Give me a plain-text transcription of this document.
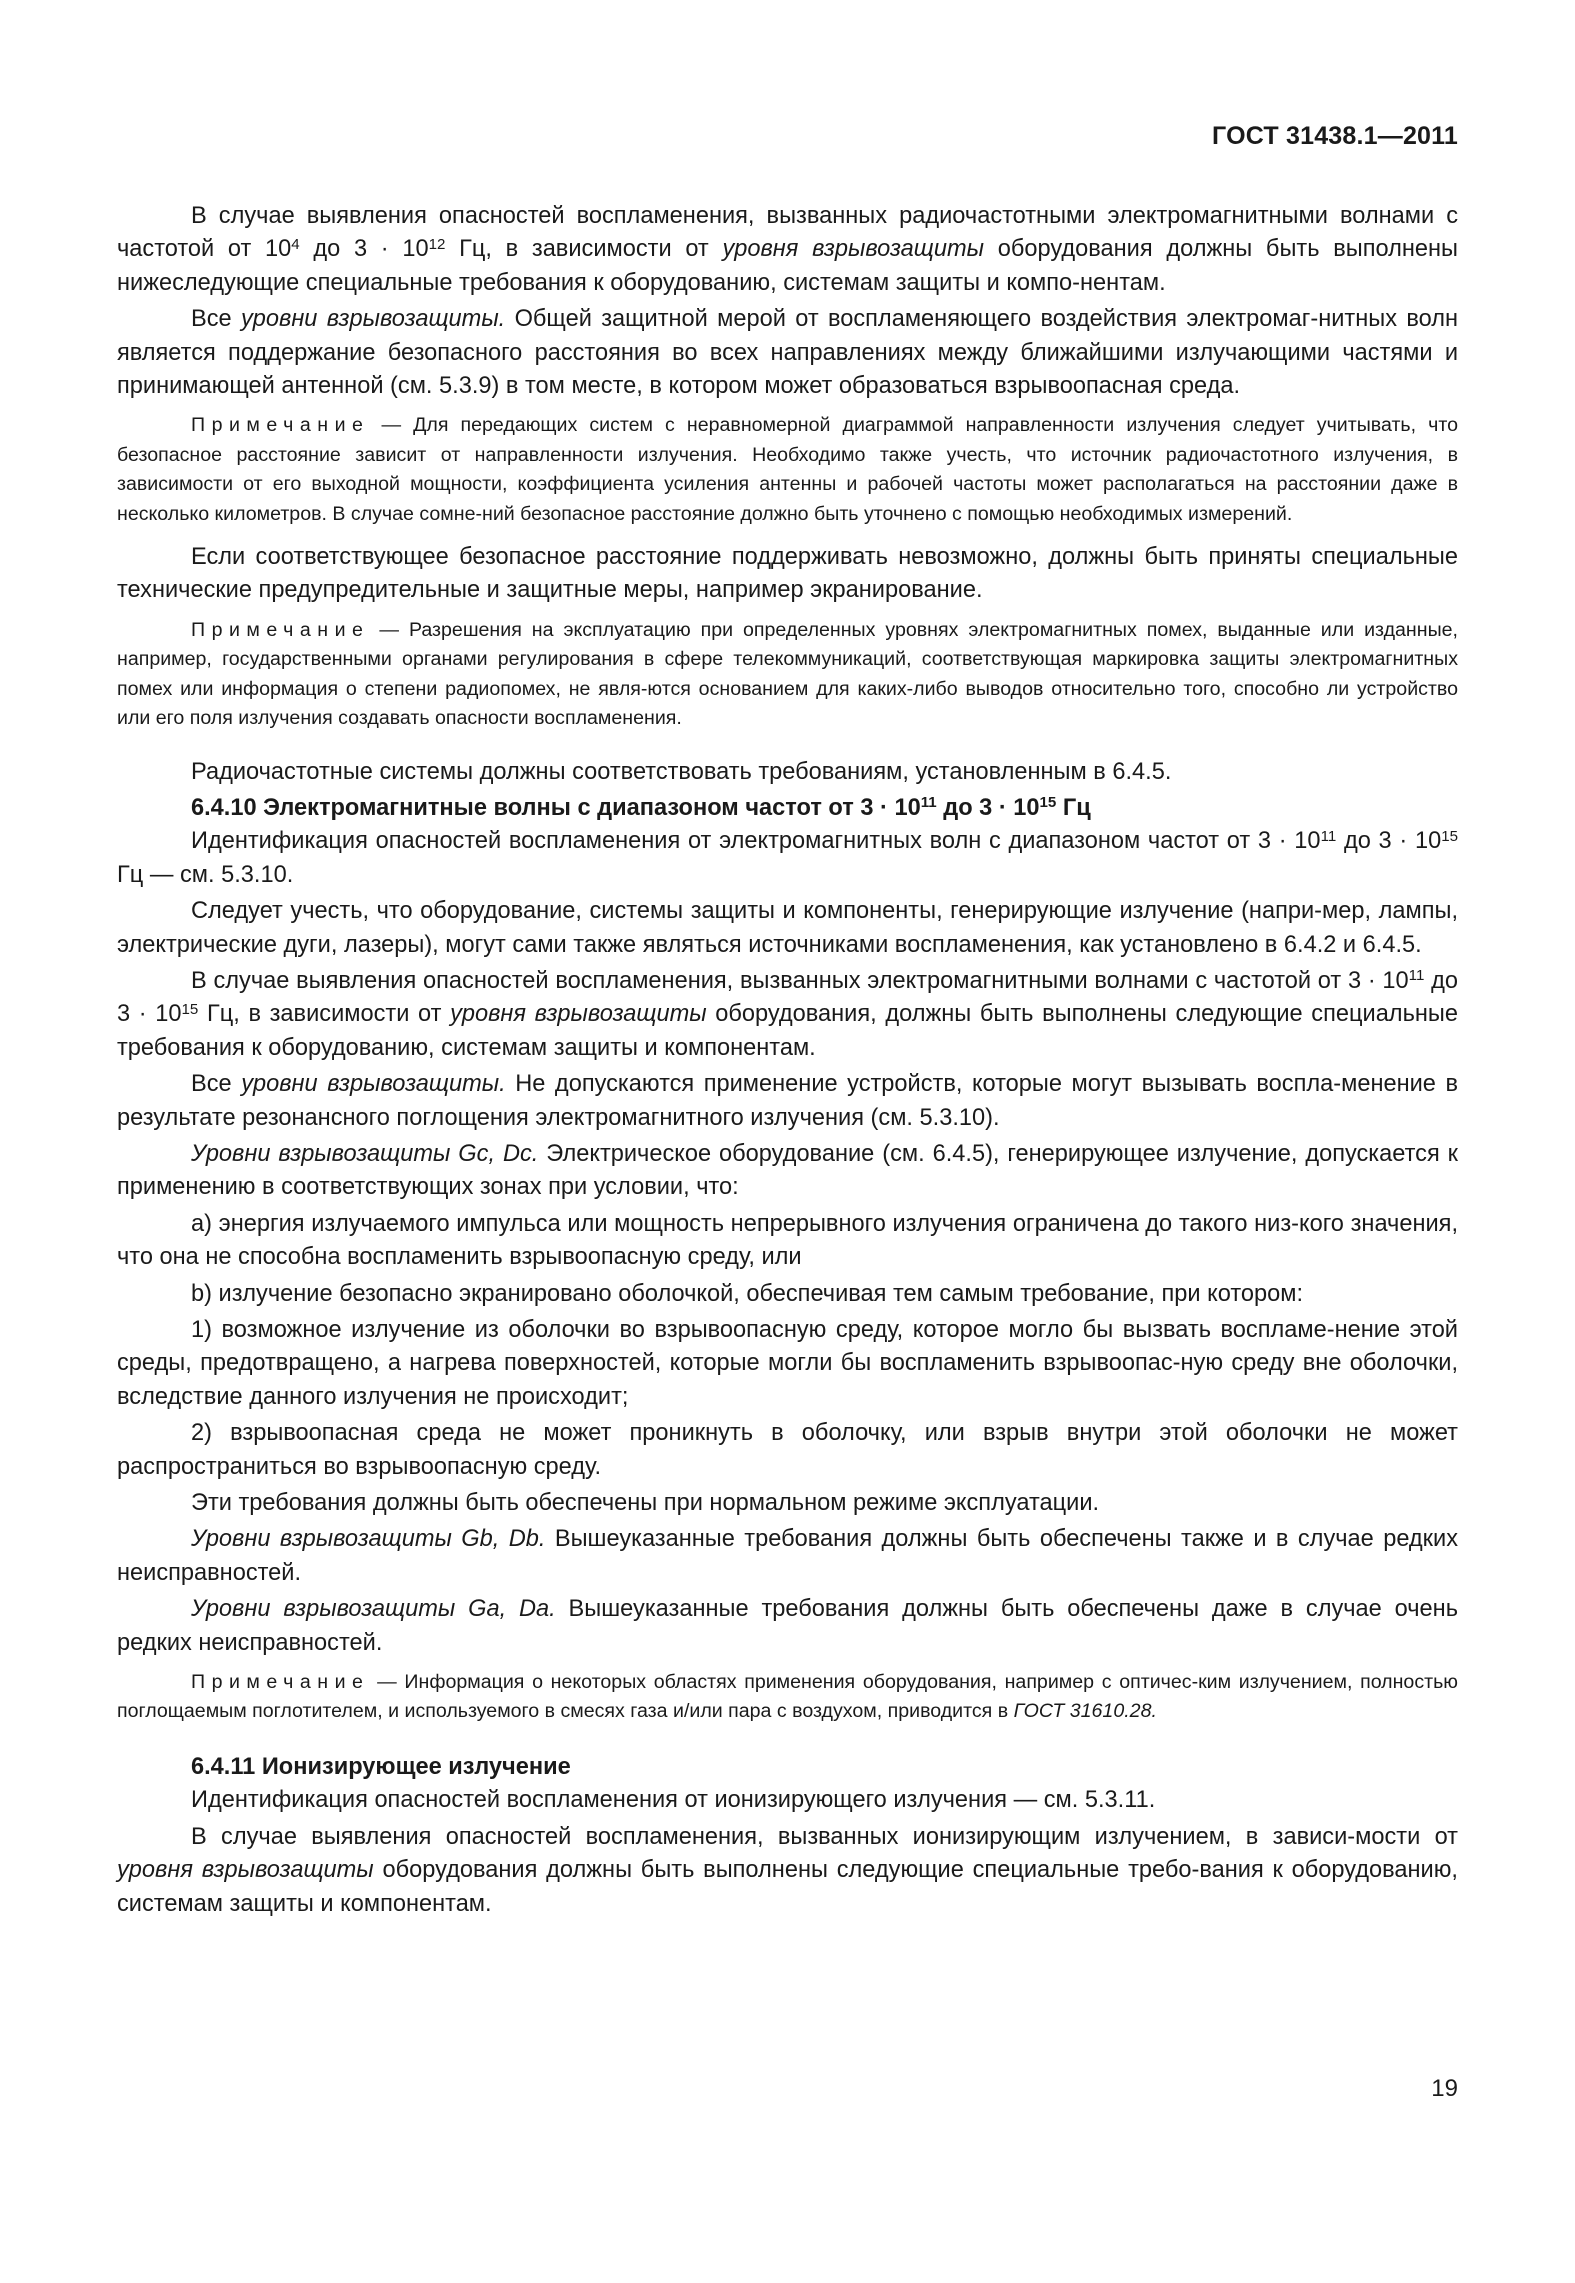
ГОСТ 31438.1—2011

В случае выявления опасностей воспламенения, вызванных радиочастотными электромагнитными волнами с частотой от $10^4$ до $3 \cdot 10^{12}$ Гц, в зависимости от уровня взрывозащиты оборудования должны быть выполнены нижеследующие специальные требования к оборудованию, системам защиты и компо-нентам.

Все уровни взрывозащиты. Общей защитной мерой от воспламеняющего воздействия электромаг-нитных волн является поддержание безопасного расстояния во всех направлениях между ближайшими излучающими частями и принимающей антенной (см. 5.3.9) в том месте, в котором может образоваться взрывоопасная среда.

Примечание — Для передающих систем с неравномерной диаграммой направленности излучения следует учитывать, что безопасное расстояние зависит от направленности излучения. Необходимо также учесть, что источник радиочастотного излучения, в зависимости от его выходной мощности, коэффициента усиления антенны и рабочей частоты может располагаться на расстоянии даже в несколько километров. В случае сомне-ний безопасное расстояние должно быть уточнено с помощью необходимых измерений.

Если соответствующее безопасное расстояние поддерживать невозможно, должны быть приняты специальные технические предупредительные и защитные меры, например экранирование.

Примечание — Разрешения на эксплуатацию при определенных уровнях электромагнитных помех, выданные или изданные, например, государственными органами регулирования в сфере телекоммуникаций, соответствующая маркировка защиты электромагнитных помех или информация о степени радиопомех, не явля-ются основанием для каких-либо выводов относительно того, способно ли устройство или его поля излучения создавать опасности воспламенения.

Радиочастотные системы должны соответствовать требованиям, установленным в 6.4.5.

6.4.10 Электромагнитные волны с диапазоном частот от $3 \cdot 10^{11}$ до $3 \cdot 10^{15}$ Гц

Идентификация опасностей воспламенения от электромагнитных волн с диапазоном частот от $3 \cdot 10^{11}$ до $3 \cdot 10^{15}$ Гц — см. 5.3.10.

Следует учесть, что оборудование, системы защиты и компоненты, генерирующие излучение (напри-мер, лампы, электрические дуги, лазеры), могут сами также являться источниками воспламенения, как установлено в 6.4.2 и 6.4.5.

В случае выявления опасностей воспламенения, вызванных электромагнитными волнами с частотой от $3 \cdot 10^{11}$ до $3 \cdot 10^{15}$ Гц, в зависимости от уровня взрывозащиты оборудования, должны быть выполнены следующие специальные требования к оборудованию, системам защиты и компонентам.

Все уровни взрывозащиты. Не допускаются применение устройств, которые могут вызывать воспла-менение в результате резонансного поглощения электромагнитного излучения (см. 5.3.10).

Уровни взрывозащиты Gc, Dc. Электрическое оборудование (см. 6.4.5), генерирующее излучение, допускается к применению в соответствующих зонах при условии, что:

a) энергия излучаемого импульса или мощность непрерывного излучения ограничена до такого низ-кого значения, что она не способна воспламенить взрывоопасную среду, или

b) излучение безопасно экранировано оболочкой, обеспечивая тем самым требование, при котором:

1) возможное излучение из оболочки во взрывоопасную среду, которое могло бы вызвать воспламе-нение этой среды, предотвращено, а нагрева поверхностей, которые могли бы воспламенить взрывоопас-ную среду вне оболочки, вследствие данного излучения не происходит;

2) взрывоопасная среда не может проникнуть в оболочку, или взрыв внутри этой оболочки не может распространиться во взрывоопасную среду.

Эти требования должны быть обеспечены при нормальном режиме эксплуатации.

Уровни взрывозащиты Gb, Db. Вышеуказанные требования должны быть обеспечены также и в случае редких неисправностей.

Уровни взрывозащиты Ga, Da. Вышеуказанные требования должны быть обеспечены даже в случае очень редких неисправностей.

Примечание — Информация о некоторых областях применения оборудования, например с оптичес-ким излучением, полностью поглощаемым поглотителем, и используемого в смесях газа и/или пара с воздухом, приводится в ГОСТ 31610.28.

6.4.11 Ионизирующее излучение

Идентификация опасностей воспламенения от ионизирующего излучения — см. 5.3.11.

В случае выявления опасностей воспламенения, вызванных ионизирующим излучением, в зависи-мости от уровня взрывозащиты оборудования должны быть выполнены следующие специальные требо-вания к оборудованию, системам защиты и компонентам.

19
